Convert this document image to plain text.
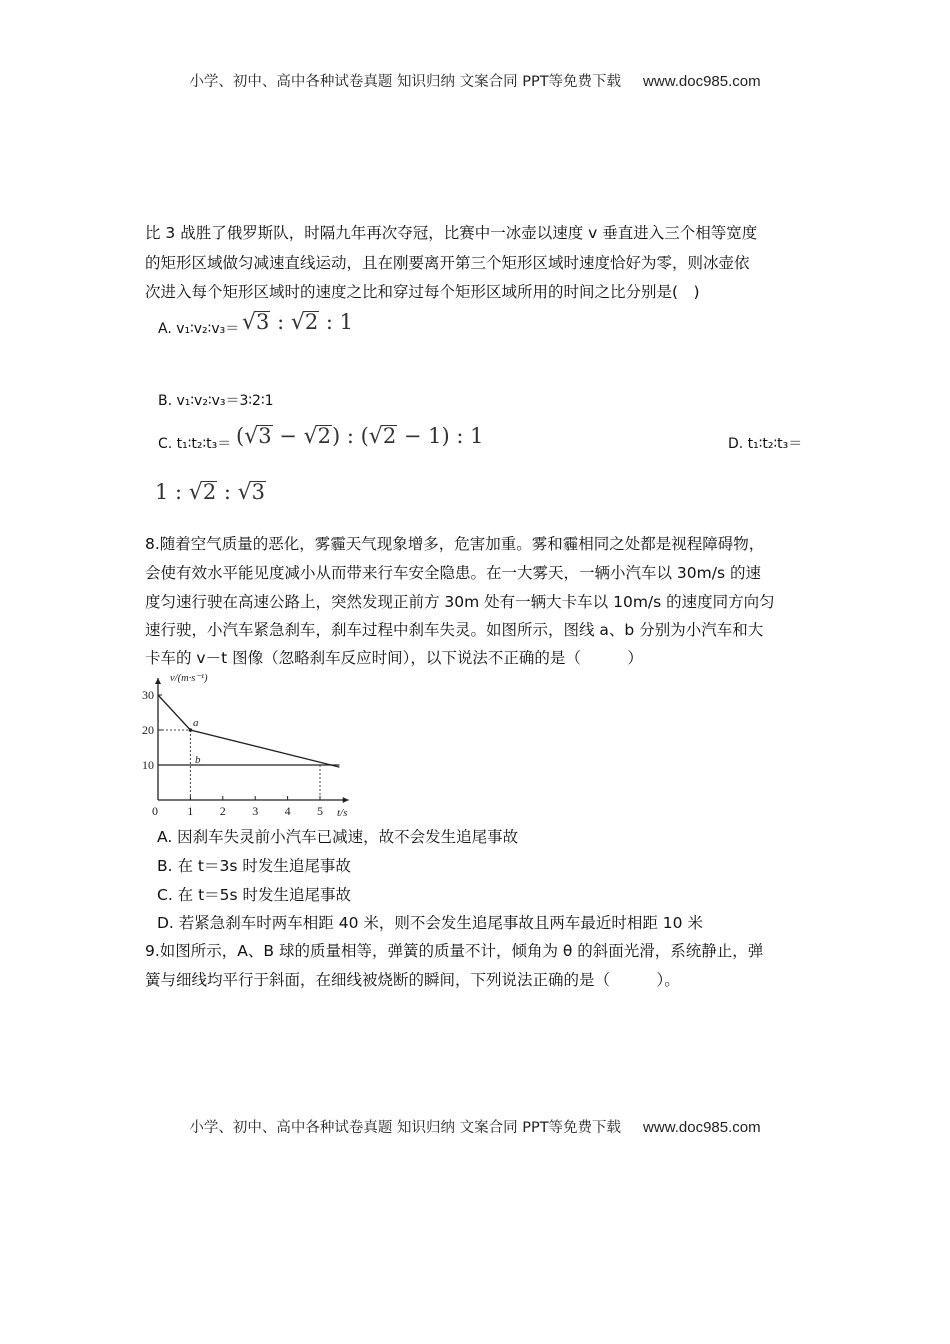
小学、初中、高中各种试卷真题 知识归纳 文案合同 PPT等免费下载 www.doc985.com
比 3 战胜了俄罗斯队，时隔九年再次夺冠，比赛中一冰壶以速度 v 垂直进入三个相等宽度
的矩形区域做匀减速直线运动，且在刚要离开第三个矩形区域时速度恰好为零，则冰壶依
次进入每个矩形区域时的速度之比和穿过每个矩形区域所用的时间之比分别是(　)
A. v₁∶v₂∶v₃＝ √3 : √2 : 1
B. v₁∶v₂∶v₃＝3∶2∶1
C. t₁∶t₂∶t₃＝ (√3 − √2) : (√2 − 1) : 1	D. t₁∶t₂∶t₃＝
1 : √2 : √3
8.随着空气质量的恶化，雾霾天气现象增多，危害加重。雾和霾相同之处都是视程障碍物，
会使有效水平能见度减小从而带来行车安全隐患。在一大雾天，一辆小汽车以 30m/s 的速
度匀速行驶在高速公路上，突然发现正前方 30m 处有一辆大卡车以 10m/s 的速度同方向匀
速行驶，小汽车紧急刹车，刹车过程中刹车失灵。如图所示，图线 a、b 分别为小汽车和大
卡车的 v－t 图像（忽略刹车反应时间），以下说法不正确的是（　　　）
0 1 2 3 4 5
10
20
30
v/(m·s⁻¹)
t/s
a
b
A. 因刹车失灵前小汽车已减速，故不会发生追尾事故
B. 在 t＝3s 时发生追尾事故
C. 在 t＝5s 时发生追尾事故
D. 若紧急刹车时两车相距 40 米，则不会发生追尾事故且两车最近时相距 10 米
9.如图所示，A、B 球的质量相等，弹簧的质量不计，倾角为 θ 的斜面光滑，系统静止，弹
簧与细线均平行于斜面，在细线被烧断的瞬间，下列说法正确的是（　　　）。
小学、初中、高中各种试卷真题 知识归纳 文案合同 PPT等免费下载 www.doc985.com
